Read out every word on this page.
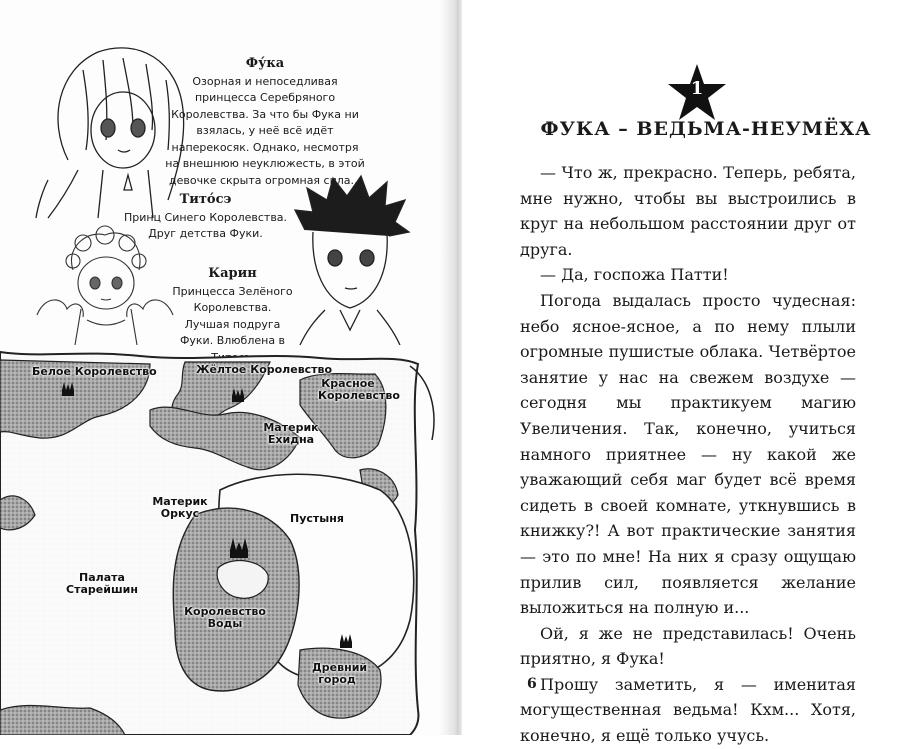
Фу́ка
Озорная и непоседливая принцесса Серебряного Королевства. За что бы Фука ни взялась, у неё всё идёт наперекосяк. Однако, несмотря на внешнюю неуклюжесть, в этой девочке скрыта огромная сила...
Тито́сэ
Принц Синего Королевства. Друг детства Фуки.
Карин
Принцесса Зелёного Королевства. Лучшая подруга Фуки. Влюблена в
Белое Королевство	Жёлтое Королевство
Красное Королевство
Материк Ехидна
Материк Оркус	Пустыня
Палата Старейшин
Королевство Воды
Древний город
1
ФУКА – ВЕДЬМА-НЕУМЁХА

— Что ж, прекрасно. Теперь, ребята, мне нужно, чтобы вы выстроились в круг на небольшом расстоянии друг от друга.

— Да, госпожа Патти!

Погода выдалась просто чудесная: небо ясное-ясное, а по нему плыли огромные пушистые облака. Четвёртое занятие у нас на свежем воздухе — сегодня мы практикуем магию Увеличения. Так, конечно, учиться намного приятнее — ну какой же уважающий себя маг будет всё время сидеть в своей комнате, уткнувшись в книжку?! А вот практические занятия — это по мне! На них я сразу ощущаю прилив сил, появляется желание выложиться на полную и...

Ой, я же не представилась! Очень приятно, я Фука!

Прошу заметить, я — именитая могущественная ведьма! Кхм... Хотя, конечно, я ещё только учусь.

6
